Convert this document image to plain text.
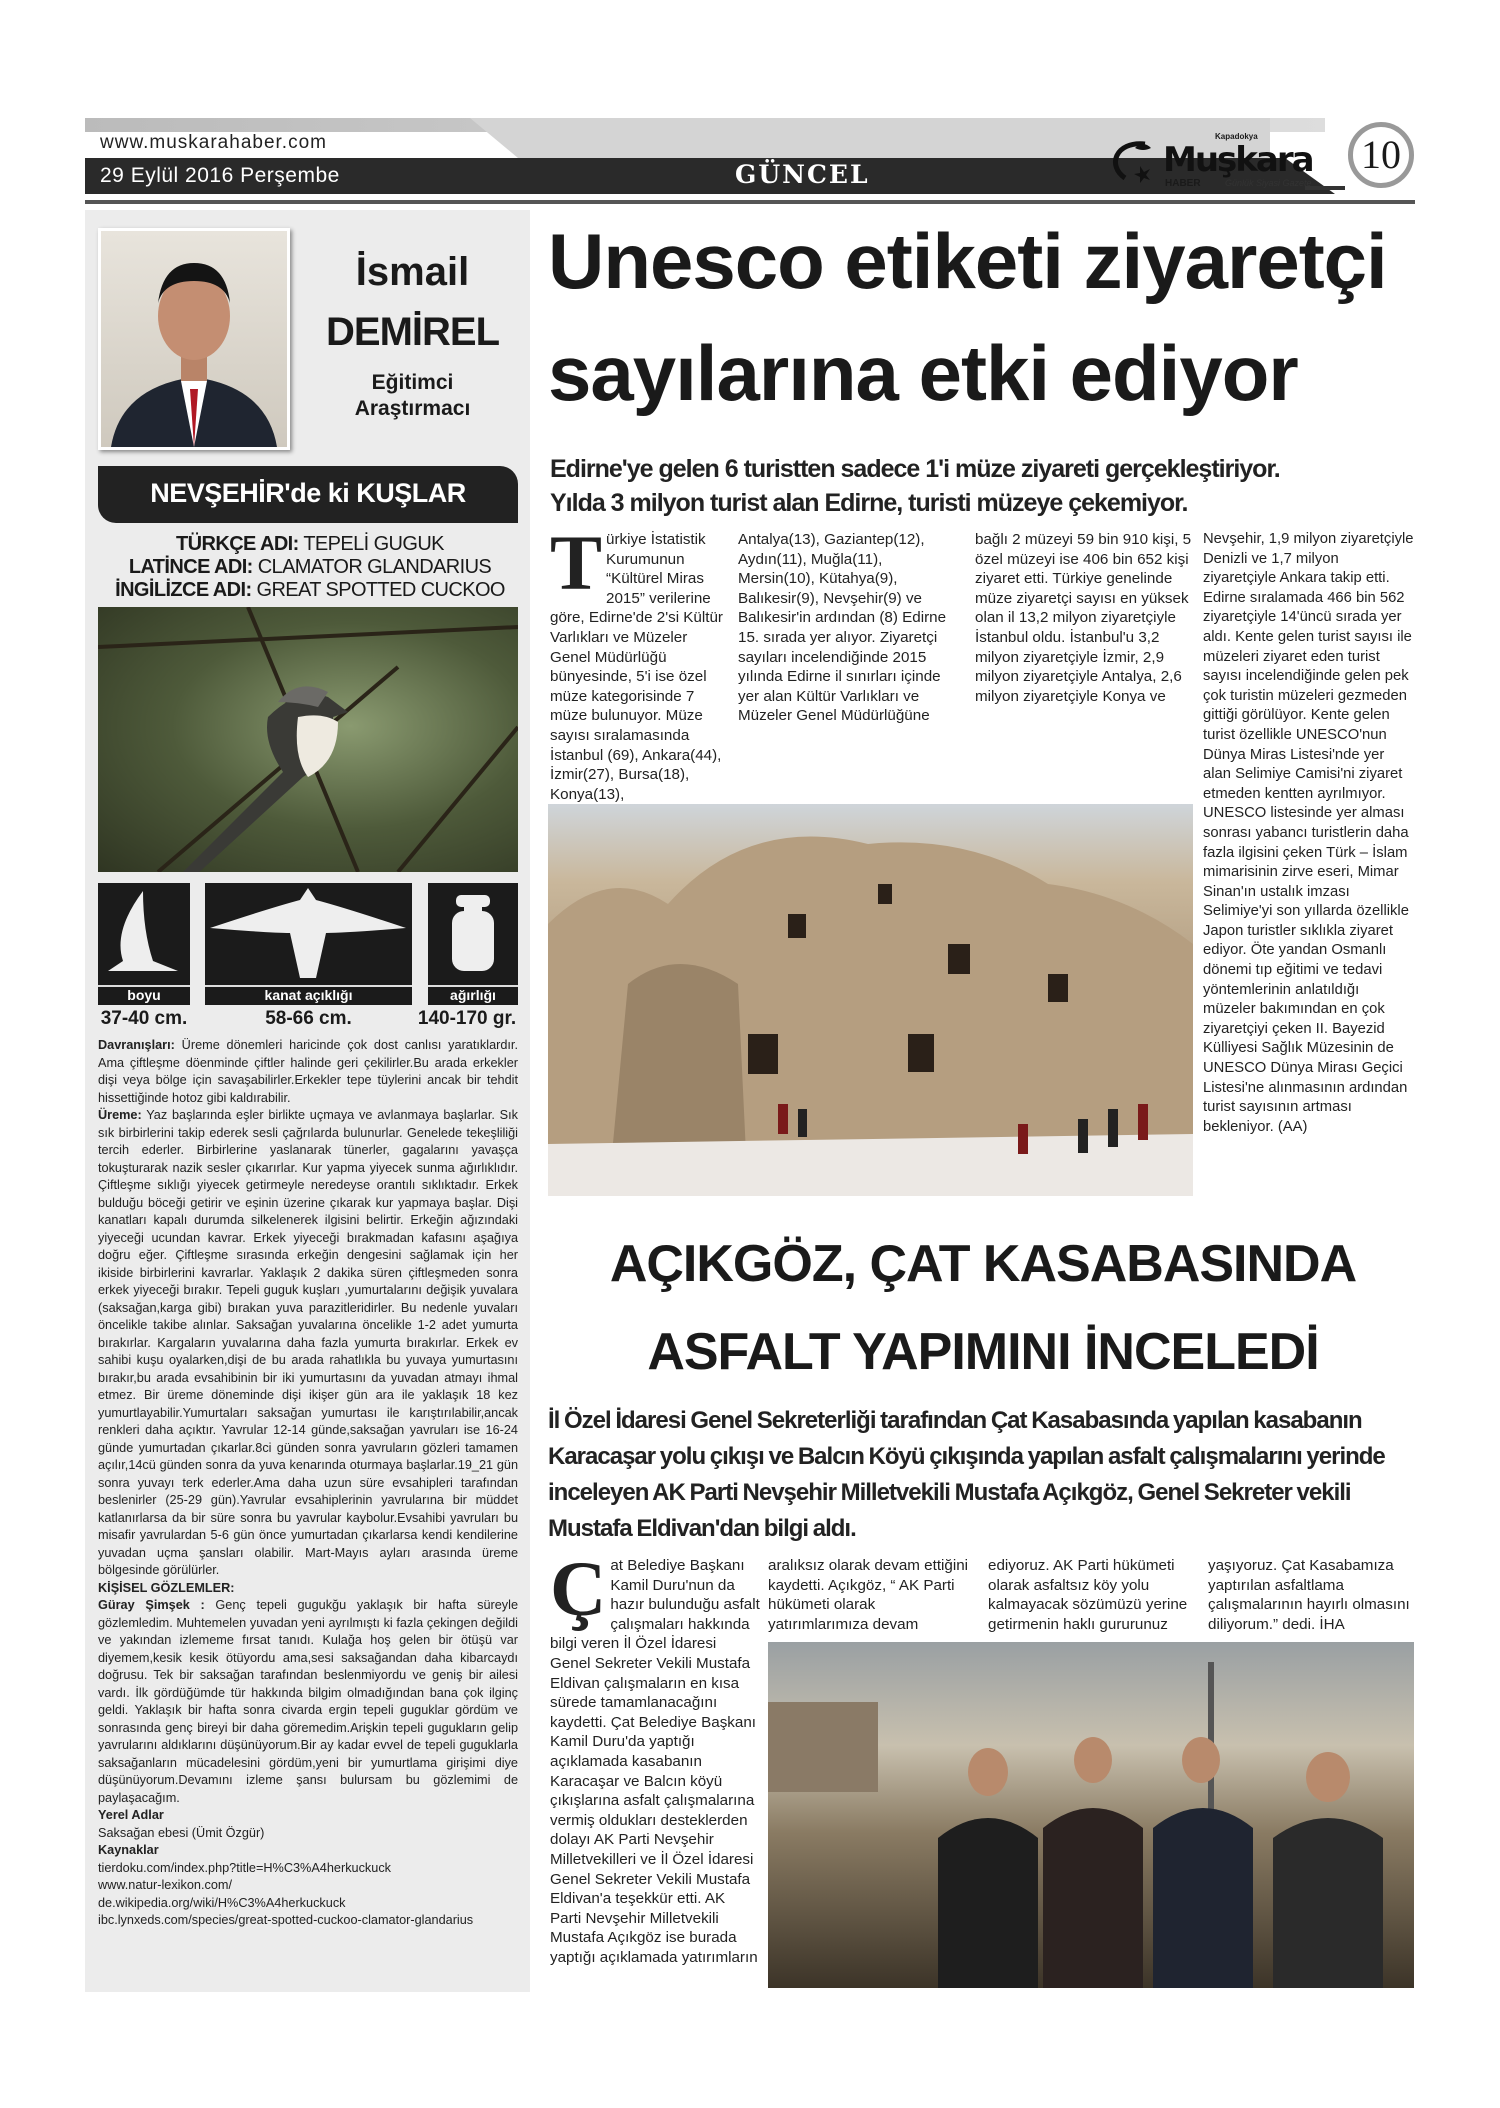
www.muskarahaber.com
29 Eylül 2016 Perşembe	GÜNCEL
Kapadokya
Muşkara
HABER	Günlük Siyasi Gazete
10
İsmail
DEMİREL
Eğitimci
Araştırmacı
NEVŞEHİR'de ki KUŞLAR
TÜRKÇE ADI: TEPELİ GUGUK
LATİNCE ADI: CLAMATOR GLANDARIUS
İNGİLİZCE ADI: GREAT SPOTTED CUCKOO
boyu	kanat açıklığı	ağırlığı
37-40 cm.	58-66 cm.	140-170 gr.

Davranışları: Üreme dönemleri haricinde çok dost canlısı yaratıklardır. Ama çiftleşme döenminde çiftler halinde geri çekilirler.Bu arada erkekler dişi veya bölge için savaşabilirler.Erkekler tepe tüylerini ancak bir tehdit hissettiğinde hotoz gibi kaldırabilir.

Üreme: Yaz başlarında eşler birlikte uçmaya ve avlanmaya başlarlar. Sık sık birbirlerini takip ederek sesli çağrılarda bulunurlar. Genelede tekeşliliği tercih ederler. Birbirlerine yaslanarak tünerler, gagalarını yavaşça tokuşturarak nazik sesler çıkarırlar. Kur yapma yiyecek sunma ağırlıklıdır. Çiftleşme sıklığı yiyecek getirmeyle neredeyse orantılı sıklıktadır. Erkek bulduğu böceği getirir ve eşinin üzerine çıkarak kur yapmaya başlar. Dişi kanatları kapalı durumda silkelenerek ilgisini belirtir. Erkeğin ağızındaki yiyeceği ucundan kavrar. Erkek yiyeceği bırakmadan kafasını aşağıya doğru eğer. Çiftleşme sırasında erkeğin dengesini sağlamak için her ikiside birbirlerini kavrarlar. Yaklaşık 2 dakika süren çiftleşmeden sonra erkek yiyeceği bırakır. Tepeli guguk kuşları ,yumurtalarını değişik yuvalara (saksağan,karga gibi) bırakan yuva parazitleridirler. Bu nedenle yuvaları öncelikle takibe alınlar. Saksağan yuvalarına öncelikle 1-2 adet yumurta bırakırlar. Kargaların yuvalarına daha fazla yumurta bırakırlar. Erkek ev sahibi kuşu oyalarken,dişi de bu arada rahatlıkla bu yuvaya yumurtasını bırakır,bu arada evsahibinin bir iki yumurtasını da yuvadan atmayı ihmal etmez. Bir üreme döneminde dişi ikişer gün ara ile yaklaşık 18 kez yumurtlayabilir.Yumurtaları saksağan yumurtası ile karıştırılabilir,ancak renkleri daha açıktır. Yavrular 12-14 günde,saksağan yavruları ise 16-24 günde yumurtadan çıkarlar.8ci günden sonra yavruların gözleri tamamen açılır,14cü günden sonra da yuva kenarında oturmaya başlarlar.19_21 gün sonra yuvayı terk ederler.Ama daha uzun süre evsahipleri tarafından beslenirler (25-29 gün).Yavrular evsahiplerinin yavrularına bir müddet katlanırlarsa da bir süre sonra bu yavrular kaybolur.Evsahibi yavruları bu misafir yavrulardan 5-6 gün önce yumurtadan çıkarlarsa kendi kendilerine yuvadan uçma şansları olabilir. Mart-Mayıs ayları arasında üreme bölgesinde görülürler.

KİŞİSEL GÖZLEMLER:

Güray Şimşek : Genç tepeli gugukğu yaklaşık bir hafta süreyle gözlemledim. Muhtemelen yuvadan yeni ayrılmıştı ki fazla çekingen değildi ve yakından izlememe fırsat tanıdı. Kulağa hoş gelen bir ötüşü var diyemem,kesik kesik ötüyordu ama,sesi saksağandan daha kibarcaydı doğrusu. Tek bir saksağan tarafından beslenmiyordu ve geniş bir ailesi vardı. İlk gördüğümde tür hakkında bilgim olmadığından bana çok ilginç geldi. Yaklaşık bir hafta sonra civarda ergin tepeli guguklar gördüm ve sonrasında genç bireyi bir daha göremedim.Arişkin tepeli gugukların gelip yavrularını aldıklarını düşünüyorum.Bir ay kadar evvel de tepeli guguklarla saksağanların mücadelesini gördüm,yeni bir yumurtlama girişimi diye düşünüyorum.Devamını izleme şansı bulursam bu gözlemimi de paylaşacağım.

Yerel Adlar

Saksağan ebesi (Ümit Özgür)

Kaynaklar

tierdoku.com/index.php?title=H%C3%A4herkuckuck

www.natur-lexikon.com/

de.wikipedia.org/wiki/H%C3%A4herkuckuck

ibc.lynxeds.com/species/great-spotted-cuckoo-clamator-glandarius

Unesco etiketi ziyaretçi
sayılarına etki ediyor
Edirne'ye gelen 6 turistten sadece 1'i müze ziyareti gerçekleştiriyor.
Yılda 3 milyon turist alan Edirne, turisti müzeye çekemiyor.
Türkiye İstatistik Kurumunun “Kültürel Miras 2015” verilerine göre, Edirne'de 2'si Kültür Varlıkları ve Müzeler Genel Müdürlüğü bünyesinde, 5'i ise özel müze kategorisinde 7 müze bulunuyor. Müze sayısı sıralamasında İstanbul (69), Ankara(44), İzmir(27), Bursa(18), Konya(13),
Antalya(13), Gaziantep(12), Aydın(11), Muğla(11), Mersin(10), Kütahya(9), Balıkesir(9), Nevşehir(9) ve Balıkesir'in ardından (8) Edirne 15. sırada yer alıyor. Ziyaretçi sayıları incelendiğinde 2015 yılında Edirne il sınırları içinde yer alan Kültür Varlıkları ve Müzeler Genel Müdürlüğüne
bağlı 2 müzeyi 59 bin 910 kişi, 5 özel müzeyi ise 406 bin 652 kişi ziyaret etti. Türkiye genelinde müze ziyaretçi sayısı en yüksek olan il 13,2 milyon ziyaretçiyle İstanbul oldu. İstanbul'u 3,2 milyon ziyaretçiyle İzmir, 2,9 milyon ziyaretçiyle Antalya, 2,6 milyon ziyaretçiyle Konya ve
Nevşehir, 1,9 milyon ziyaretçiyle Denizli ve 1,7 milyon ziyaretçiyle Ankara takip etti. Edirne sıralamada 466 bin 562 ziyaretçiyle 14'üncü sırada yer aldı. Kente gelen turist sayısı ile müzeleri ziyaret eden turist sayısı incelendiğinde gelen pek çok turistin müzeleri gezmeden gittiği görülüyor. Kente gelen turist özellikle UNESCO'nun Dünya Miras Listesi'nde yer alan Selimiye Camisi'ni ziyaret etmeden kentten ayrılmıyor. UNESCO listesinde yer alması sonrası yabancı turistlerin daha fazla ilgisini çeken Türk – İslam mimarisinin zirve eseri, Mimar Sinan'ın ustalık imzası Selimiye'yi son yıllarda özellikle Japon turistler sıklıkla ziyaret ediyor. Öte yandan Osmanlı dönemi tıp eğitimi ve tedavi yöntemlerinin anlatıldığı müzeler bakımından en çok ziyaretçiyi çeken II. Bayezid Külliyesi Sağlık Müzesinin de UNESCO Dünya Mirası Geçici Listesi'ne alınmasının ardından turist sayısının artması bekleniyor. (AA)
AÇIKGÖZ, ÇAT KASABASINDA
ASFALT YAPIMINI İNCELEDİ
İl Özel İdaresi Genel Sekreterliği tarafından Çat Kasabasında yapılan kasabanın Karacaşar yolu çıkışı ve Balcın Köyü çıkışında yapılan asfalt çalışmalarını yerinde inceleyen AK Parti Nevşehir Milletvekili Mustafa Açıkgöz, Genel Sekreter vekili Mustafa Eldivan'dan bilgi aldı.
Çat Belediye Başkanı Kamil Duru'nun da hazır bulunduğu asfalt çalışmaları hakkında bilgi veren İl Özel İdaresi Genel Sekreter Vekili Mustafa Eldivan çalışmaların en kısa sürede tamamlanacağını kaydetti. Çat Belediye Başkanı Kamil Duru'da yaptığı açıklamada kasabanın Karacaşar ve Balcın köyü çıkışlarına asfalt çalışmalarına vermiş oldukları desteklerden dolayı AK Parti Nevşehir Milletvekilleri ve İl Özel İdaresi Genel Sekreter Vekili Mustafa Eldivan'a teşekkür etti. AK Parti Nevşehir Milletvekili Mustafa Açıkgöz ise burada yaptığı açıklamada yatırımların
aralıksız olarak devam ettiğini kaydetti. Açıkgöz, “ AK Parti hükümeti olarak yatırımlarımıza devam
ediyoruz. AK Parti hükümeti olarak asfaltsız köy yolu kalmayacak sözümüzü yerine getirmenin haklı gururunuz
yaşıyoruz. Çat Kasabamıza yaptırılan asfaltlama çalışmalarının hayırlı olmasını diliyorum.” dedi. İHA
